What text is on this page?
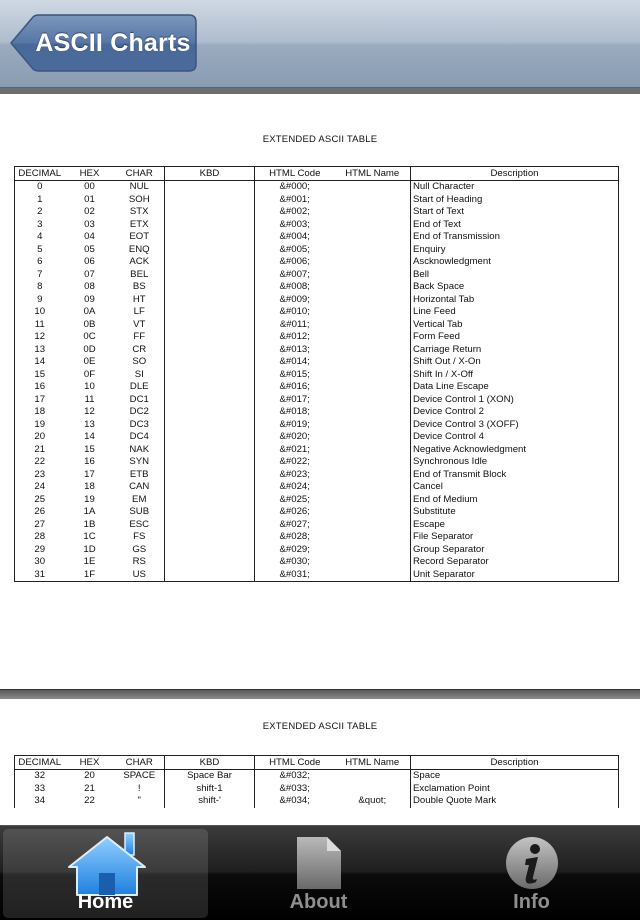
ASCII Charts
EXTENDED ASCII TABLE
DECIMAL	HEX	CHAR	KBD	HTML Code	HTML Name	Description
0	00	NUL		&#000;		Null Character
1	01	SOH		&#001;		Start of Heading
2	02	STX		&#002;		Start of Text
3	03	ETX		&#003;		End of Text
4	04	EOT		&#004;		End of Transmission
5	05	ENQ		&#005;		Enquiry
6	06	ACK		&#006;		Ascknowledgment
7	07	BEL		&#007;		Bell
8	08	BS		&#008;		Back Space
9	09	HT		&#009;		Horizontal Tab
10	0A	LF		&#010;		Line Feed
11	0B	VT		&#011;		Vertical Tab
12	0C	FF		&#012;		Form Feed
13	0D	CR		&#013;		Carriage Return
14	0E	SO		&#014;		Shift Out / X-On
15	0F	SI		&#015;		Shift In / X-Off
16	10	DLE		&#016;		Data Line Escape
17	11	DC1		&#017;		Device Control 1 (XON)
18	12	DC2		&#018;		Device Control 2
19	13	DC3		&#019;		Device Control 3 (XOFF)
20	14	DC4		&#020;		Device Control 4
21	15	NAK		&#021;		Negative Acknowledgment
22	16	SYN		&#022;		Synchronous Idle
23	17	ETB		&#023;		End of Transmit Block
24	18	CAN		&#024;		Cancel
25	19	EM		&#025;		End of Medium
26	1A	SUB		&#026;		Substitute
27	1B	ESC		&#027;		Escape
28	1C	FS		&#028;		File Separator
29	1D	GS		&#029;		Group Separator
30	1E	RS		&#030;		Record Separator
31	1F	US		&#031;		Unit Separator
EXTENDED ASCII TABLE
DECIMAL	HEX	CHAR	KBD	HTML Code	HTML Name	Description
32	20	SPACE	Space Bar	&#032;		Space
33	21	!	shift-1	&#033;		Exclamation Point
34	22	"	shift-'	&#034;	&quot;	Double Quote Mark
Home	About	Info
